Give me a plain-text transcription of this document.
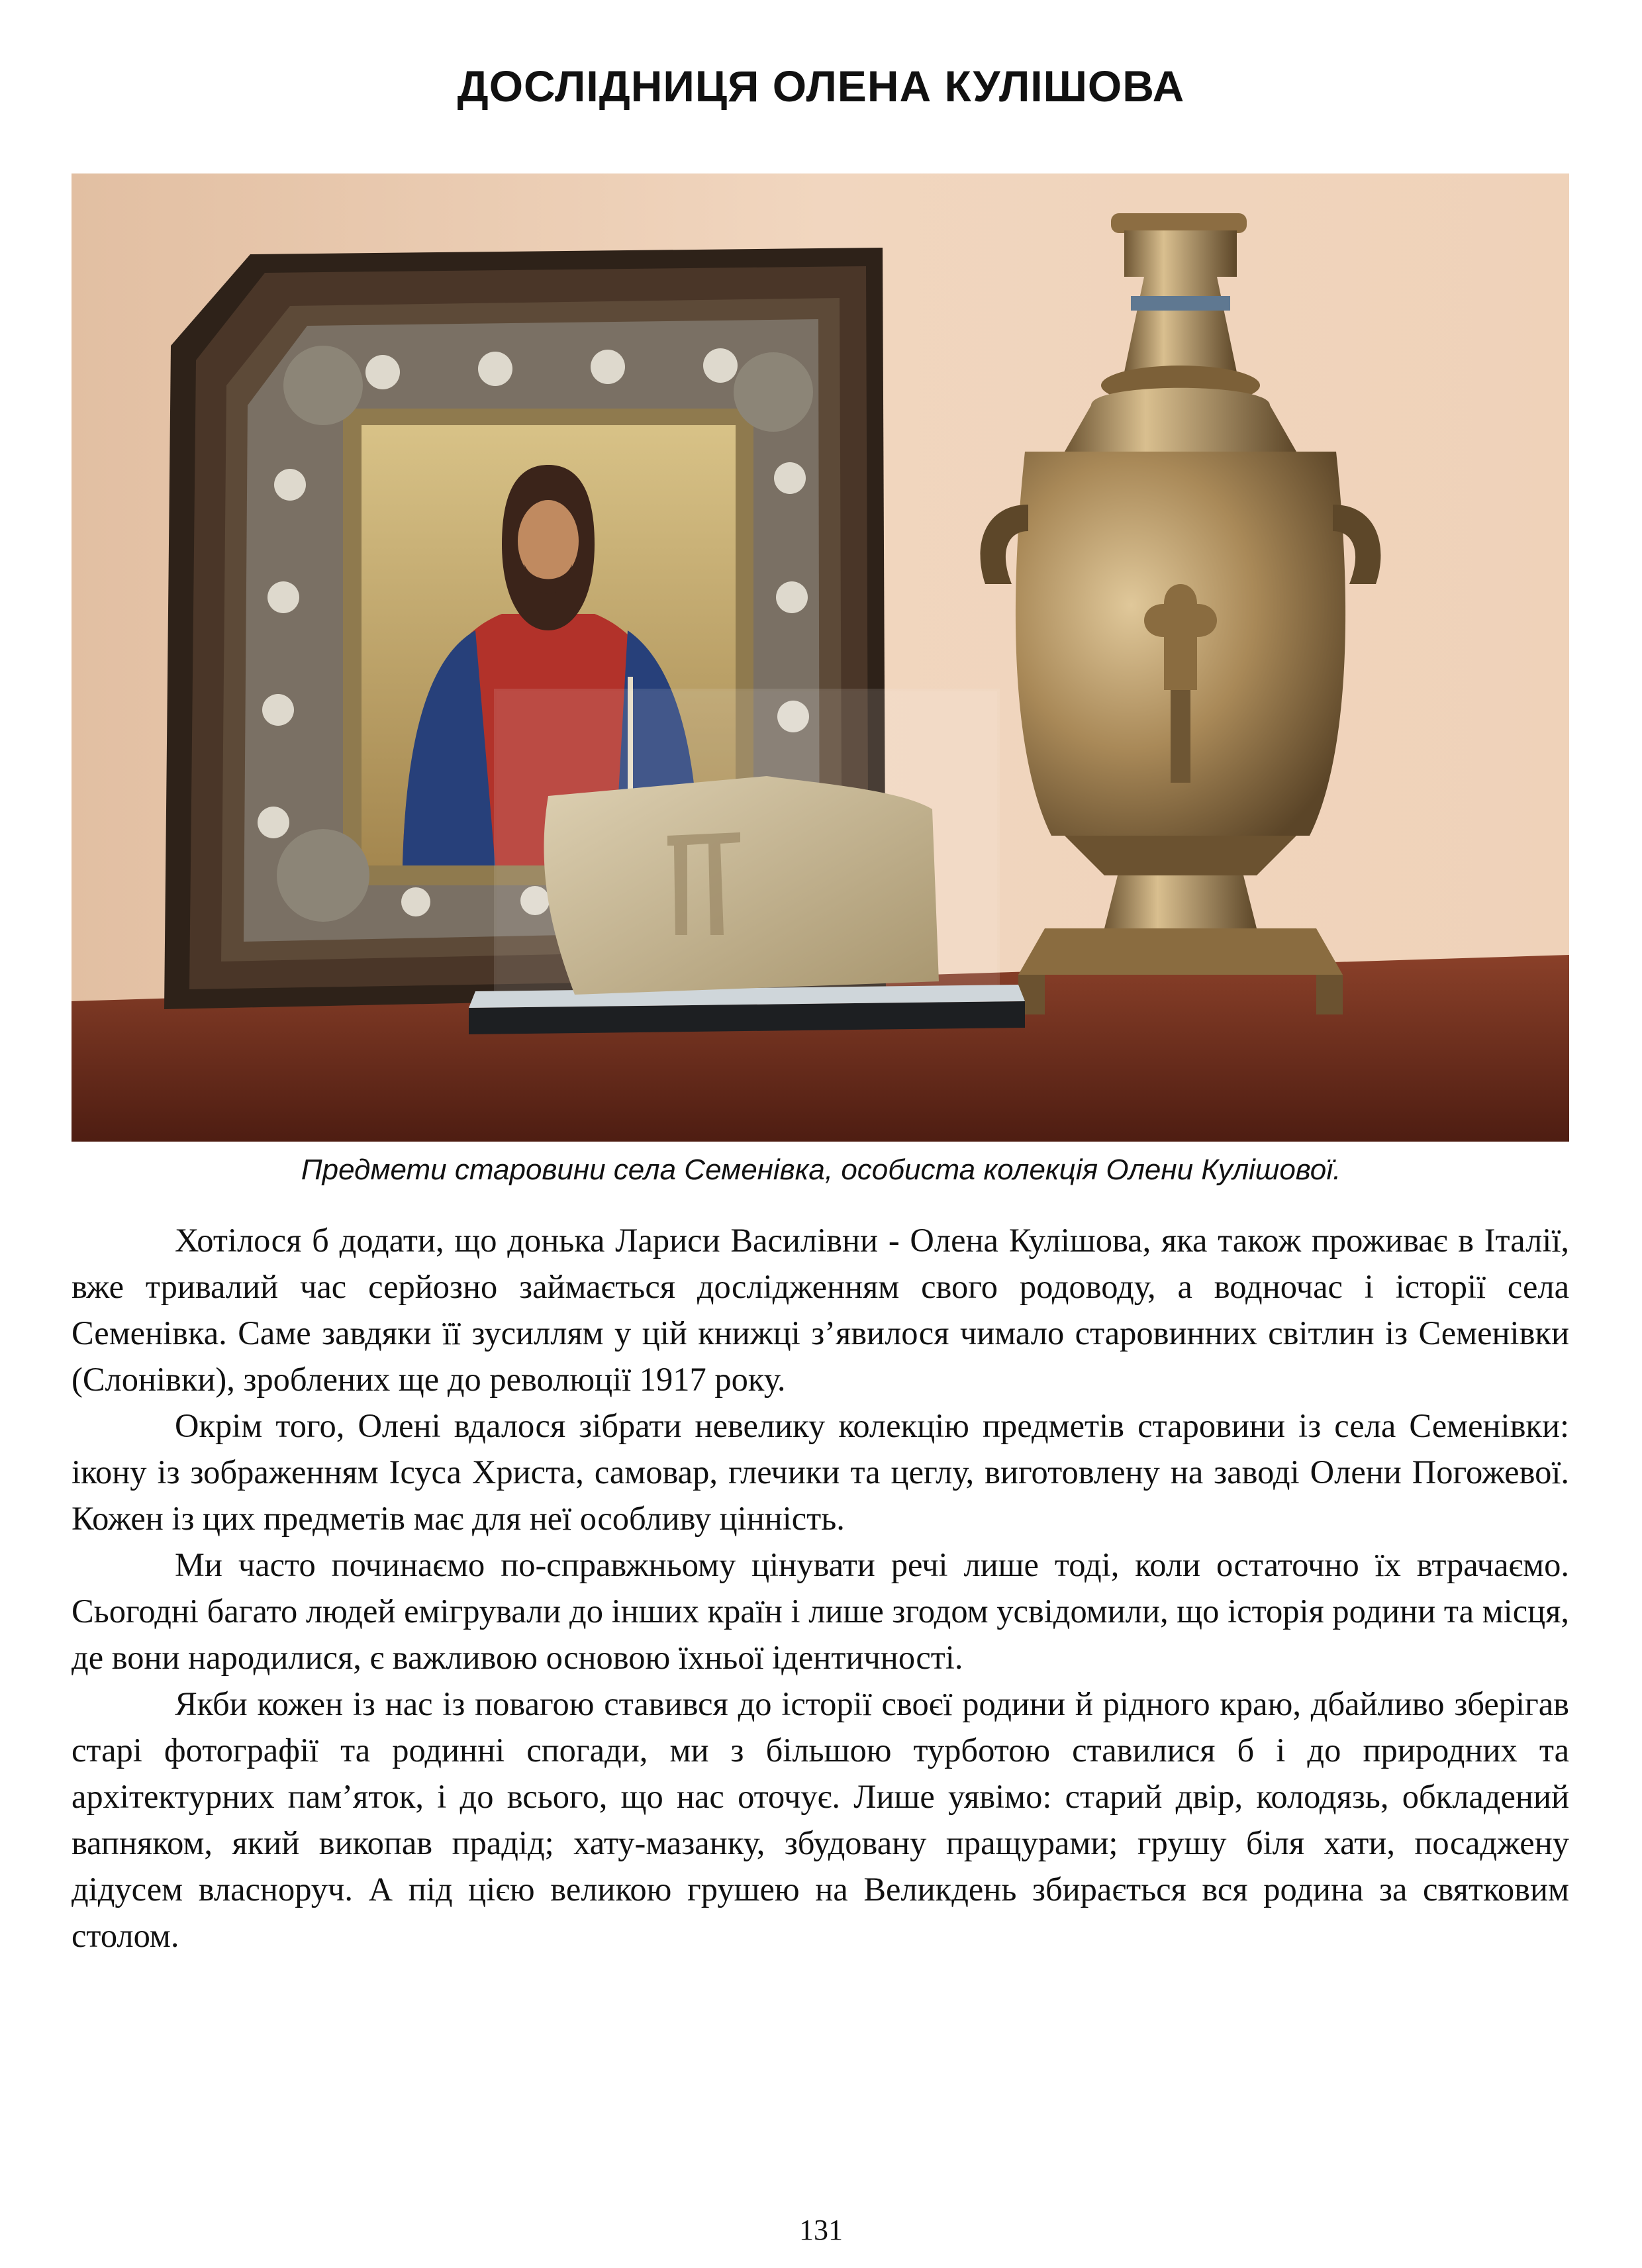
ДОСЛІДНИЦЯ ОЛЕНА КУЛІШОВА
Предмети старовини села Семенівка, особиста колекція Олени Кулішової.

Хотілося б додати, що донька Лариси Василівни - Олена Кулішова, яка також проживає в Італії, вже тривалий час серйозно займається дослідженням свого родоводу, а водночас і історії села Семенівка. Саме завдяки її зусиллям у цій книжці з’явилося чимало старовинних світлин із Семенівки (Слонівки), зроблених ще до революції 1917 року.

Окрім того, Олені вдалося зібрати невелику колекцію предметів старовини із села Семенівки: ікону із зображенням Ісуса Христа, самовар, глечики та цеглу, виготовлену на заводі Олени Погожевої. Кожен із цих предметів має для неї особливу цінність.

Ми часто починаємо по-справжньому цінувати речі лише тоді, коли остаточно їх втрачаємо. Сьогодні багато людей емігрували до інших країн і лише згодом усвідомили, що історія родини та місця, де вони народилися, є важливою основою їхньої ідентичності.

Якби кожен із нас із повагою ставився до історії своєї родини й рідного краю, дбайливо зберігав старі фотографії та родинні спогади, ми з більшою турботою ставилися б і до природних та архітектурних пам’яток, і до всього, що нас оточує. Лише уявімо: старий двір, колодязь, обкладений вапняком, який викопав прадід; хату-мазанку, збудовану пращурами; грушу біля хати, посаджену дідусем власноруч. А під цією великою грушею на Великдень збирається вся родина за святковим столом.

131
